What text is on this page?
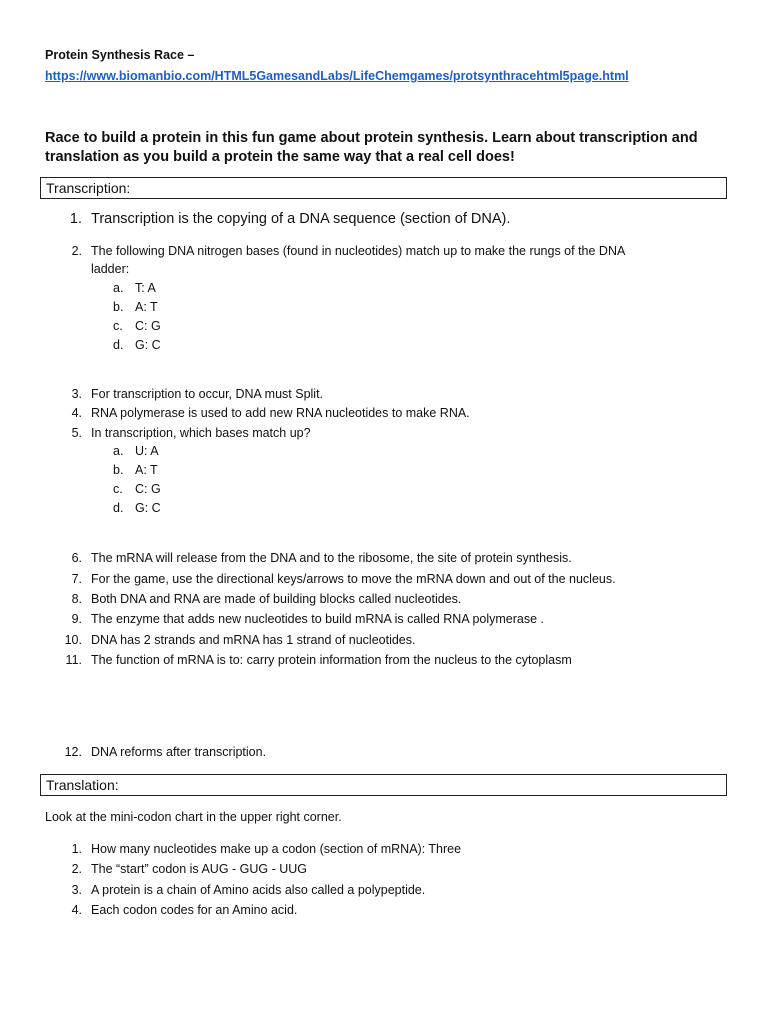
Protein Synthesis Race –
https://www.biomanbio.com/HTML5GamesandLabs/LifeChemgames/protsynthracehtml5page.html
Race to build a protein in this fun game about protein synthesis. Learn about transcription and translation as you build a protein the same way that a real cell does!
Transcription:
1. Transcription is the copying of a DNA sequence (section of DNA).
2. The following DNA nitrogen bases (found in nucleotides) match up to make the rungs of the DNA
ladder:
a. T: A
b. A: T
c. C: G
d. G: C
3. For transcription to occur, DNA must Split.
4. RNA polymerase is used to add new RNA nucleotides to make RNA.
5. In transcription, which bases match up?
a. U: A
b. A: T
c. C: G
d. G: C
6. The mRNA will release from the DNA and to the ribosome, the site of protein synthesis.
7. For the game, use the directional keys/arrows to move the mRNA down and out of the nucleus.
8. Both DNA and RNA are made of building blocks called nucleotides.
9. The enzyme that adds new nucleotides to build mRNA is called RNA polymerase .
10. DNA has 2 strands and mRNA has 1 strand of nucleotides.
11. The function of mRNA is to: carry protein information from the nucleus to the cytoplasm
12. DNA reforms after transcription.
Translation:
Look at the mini-codon chart in the upper right corner.
1. How many nucleotides make up a codon (section of mRNA): Three
2. The “start” codon is AUG - GUG - UUG
3. A protein is a chain of Amino acids also called a polypeptide.
4. Each codon codes for an Amino acid.
